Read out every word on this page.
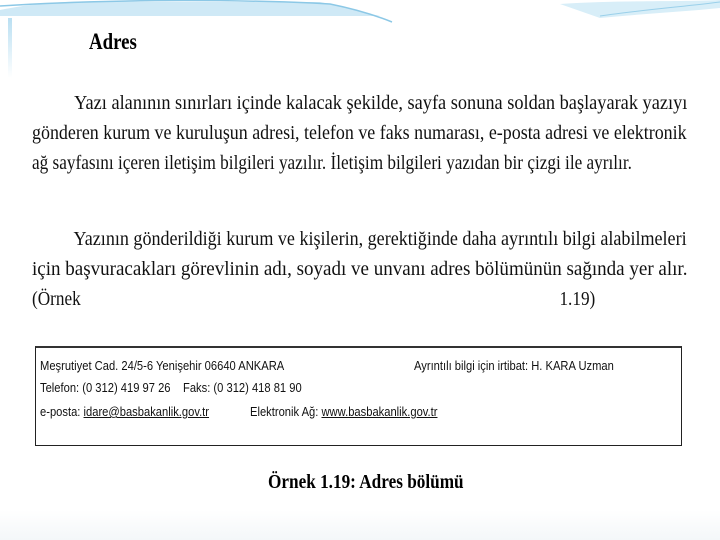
Adres
Yazı alanının sınırları içinde kalacak şekilde, sayfa sonuna soldan başlayarak yazıyı
gönderen kurum ve kuruluşun adresi, telefon ve faks numarası, e-posta adresi ve elektronik
ağ sayfasını içeren iletişim bilgileri yazılır. İletişim bilgileri yazıdan bir çizgi ile ayrılır.
Yazının gönderildiği kurum ve kişilerin, gerektiğinde daha ayrıntılı bilgi alabilmeleri
için başvuracakları görevlinin adı, soyadı ve unvanı adres bölümünün sağında yer alır.
(Örnek 1.19)
Meşrutiyet Cad. 24/5-6 Yenişehir 06640 ANKARA	Ayrıntılı bilgi için irtibat: H. KARA Uzman
Telefon: (0 312) 419 97 26 Faks: (0 312) 418 81 90
e-posta: idare@basbakanlik.gov.tr	Elektronik Ağ: www.basbakanlik.gov.tr
Örnek 1.19: Adres bölümü
